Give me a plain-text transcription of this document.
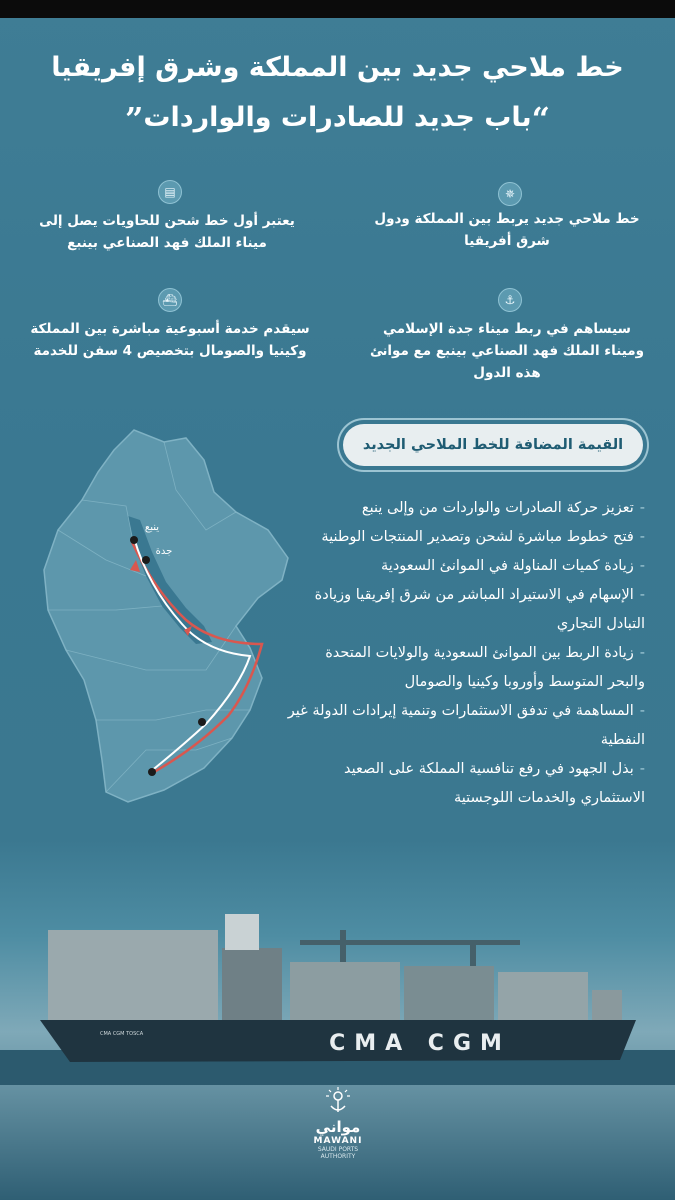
خط ملاحي جديد بين المملكة وشرق إفريقيا
“باب جديد للصادرات والواردات”
✵
خط ملاحي جديد يربط بين المملكة ودول شرق أفريقيا
▤
يعتبر أول خط شحن للحاويات يصل إلى ميناء الملك فهد الصناعي بينبع
⚓
سيساهم في ربط ميناء جدة الإسلامي وميناء الملك فهد الصناعي بينبع مع موانئ هذه الدول
⛴
سيقدم خدمة أسبوعية مباشرة بين المملكة وكينيا والصومال بتخصيص 4 سفن للخدمة
القيمة المضافة للخط الملاحي الجديد
-تعزيز حركة الصادرات والواردات من وإلى ينبع
-فتح خطوط مباشرة لشحن وتصدير المنتجات الوطنية
-زيادة كميات المناولة في الموانئ السعودية
-الإسهام في الاستيراد المباشر من شرق إفريقيا وزيادة التبادل التجاري
-زيادة الربط بين الموانئ السعودية والولايات المتحدة والبحر المتوسط وأوروبا وكينيا والصومال
-المساهمة في تدفق الاستثمارات وتنمية إيرادات الدولة غير النفطية
-بذل الجهود في رفع تنافسية المملكة على الصعيد الاستثماري والخدمات اللوجستية
ينبع
جدة
CMA CGM
CMA CGM TOSCA
مواني
MAWANI
SAUDI PORTS AUTHORITY
